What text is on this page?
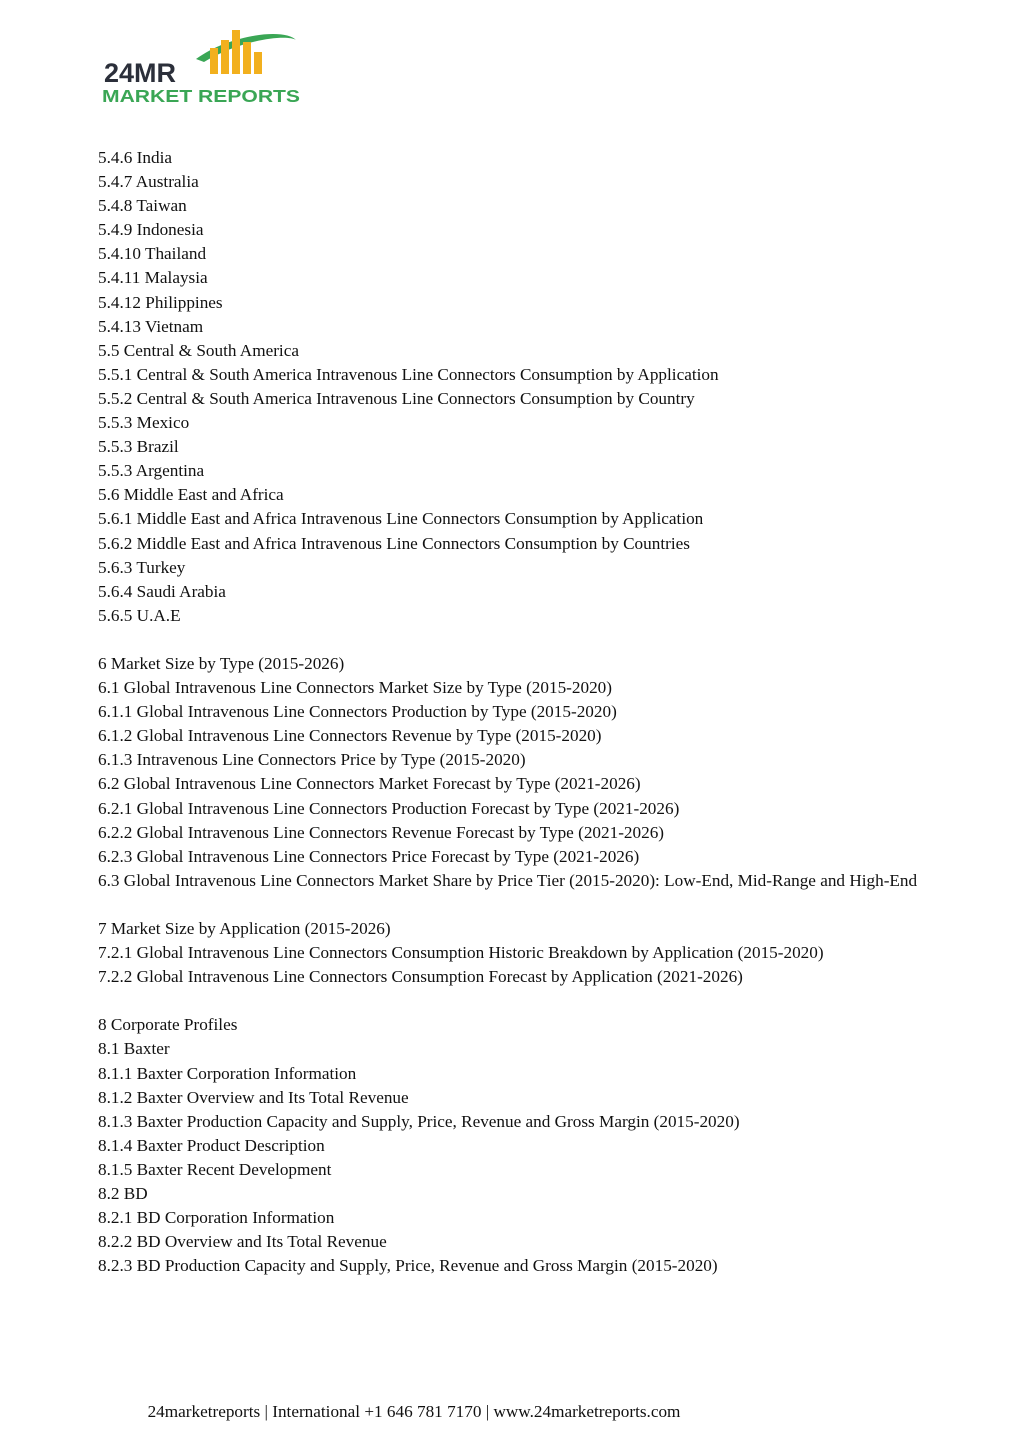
24MR
MARKET REPORTS
5.4.6 India
5.4.7 Australia
5.4.8 Taiwan
5.4.9 Indonesia
5.4.10 Thailand
5.4.11 Malaysia
5.4.12 Philippines
5.4.13 Vietnam
5.5 Central & South America
5.5.1 Central & South America Intravenous Line Connectors Consumption by Application
5.5.2 Central & South America Intravenous Line Connectors Consumption by Country
5.5.3 Mexico
5.5.3 Brazil
5.5.3 Argentina
5.6 Middle East and Africa
5.6.1 Middle East and Africa Intravenous Line Connectors Consumption by Application
5.6.2 Middle East and Africa Intravenous Line Connectors Consumption by Countries
5.6.3 Turkey
5.6.4 Saudi Arabia
5.6.5 U.A.E
6 Market Size by Type (2015-2026)
6.1 Global Intravenous Line Connectors Market Size by Type (2015-2020)
6.1.1 Global Intravenous Line Connectors Production by Type (2015-2020)
6.1.2 Global Intravenous Line Connectors Revenue by Type (2015-2020)
6.1.3 Intravenous Line Connectors Price by Type (2015-2020)
6.2 Global Intravenous Line Connectors Market Forecast by Type (2021-2026)
6.2.1 Global Intravenous Line Connectors Production Forecast by Type (2021-2026)
6.2.2 Global Intravenous Line Connectors Revenue Forecast by Type (2021-2026)
6.2.3 Global Intravenous Line Connectors Price Forecast by Type (2021-2026)
6.3 Global Intravenous Line Connectors Market Share by Price Tier (2015-2020): Low-End, Mid-Range and High-End
7 Market Size by Application (2015-2026)
7.2.1 Global Intravenous Line Connectors Consumption Historic Breakdown by Application (2015-2020)
7.2.2 Global Intravenous Line Connectors Consumption Forecast by Application (2021-2026)
8 Corporate Profiles
8.1 Baxter
8.1.1 Baxter Corporation Information
8.1.2 Baxter Overview and Its Total Revenue
8.1.3 Baxter Production Capacity and Supply, Price, Revenue and Gross Margin (2015-2020)
8.1.4 Baxter Product Description
8.1.5 Baxter Recent Development
8.2 BD
8.2.1 BD Corporation Information
8.2.2 BD Overview and Its Total Revenue
8.2.3 BD Production Capacity and Supply, Price, Revenue and Gross Margin (2015-2020)
24marketreports | International +1 646 781 7170 | www.24marketreports.com
